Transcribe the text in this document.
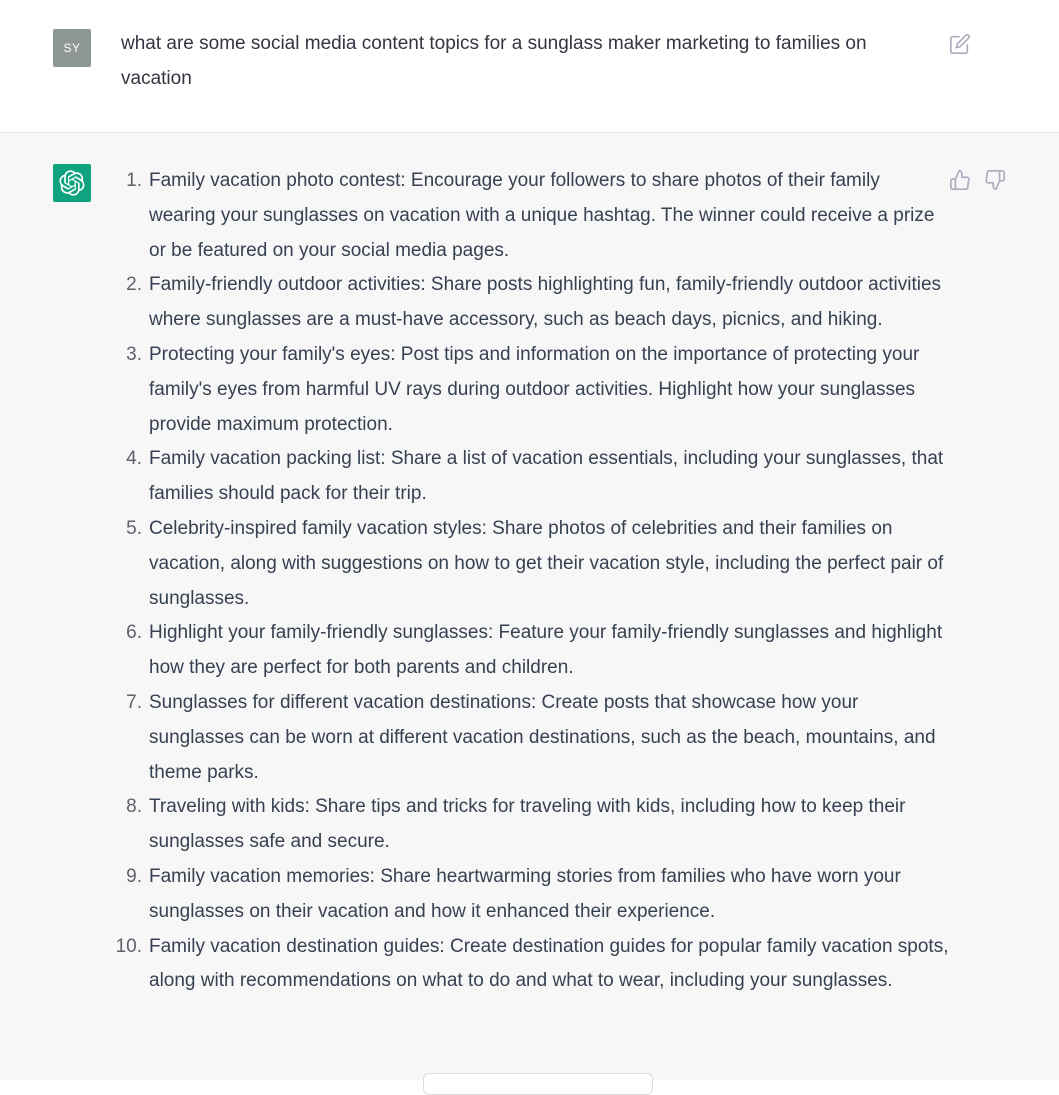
SY what are some social media content topics for a sunglass maker marketing to families on vacation
1. Family vacation photo contest: Encourage your followers to share photos of their family wearing your sunglasses on vacation with a unique hashtag. The winner could receive a prize or be featured on your social media pages.
2. Family-friendly outdoor activities: Share posts highlighting fun, family-friendly outdoor activities where sunglasses are a must-have accessory, such as beach days, picnics, and hiking.
3. Protecting your family's eyes: Post tips and information on the importance of protecting your family's eyes from harmful UV rays during outdoor activities. Highlight how your sunglasses provide maximum protection.
4. Family vacation packing list: Share a list of vacation essentials, including your sunglasses, that families should pack for their trip.
5. Celebrity-inspired family vacation styles: Share photos of celebrities and their families on vacation, along with suggestions on how to get their vacation style, including the perfect pair of sunglasses.
6. Highlight your family-friendly sunglasses: Feature your family-friendly sunglasses and highlight how they are perfect for both parents and children.
7. Sunglasses for different vacation destinations: Create posts that showcase how your sunglasses can be worn at different vacation destinations, such as the beach, mountains, and theme parks.
8. Traveling with kids: Share tips and tricks for traveling with kids, including how to keep their sunglasses safe and secure.
9. Family vacation memories: Share heartwarming stories from families who have worn your sunglasses on their vacation and how it enhanced their experience.
10. Family vacation destination guides: Create destination guides for popular family vacation spots, along with recommendations on what to do and what to wear, including your sunglasses.
